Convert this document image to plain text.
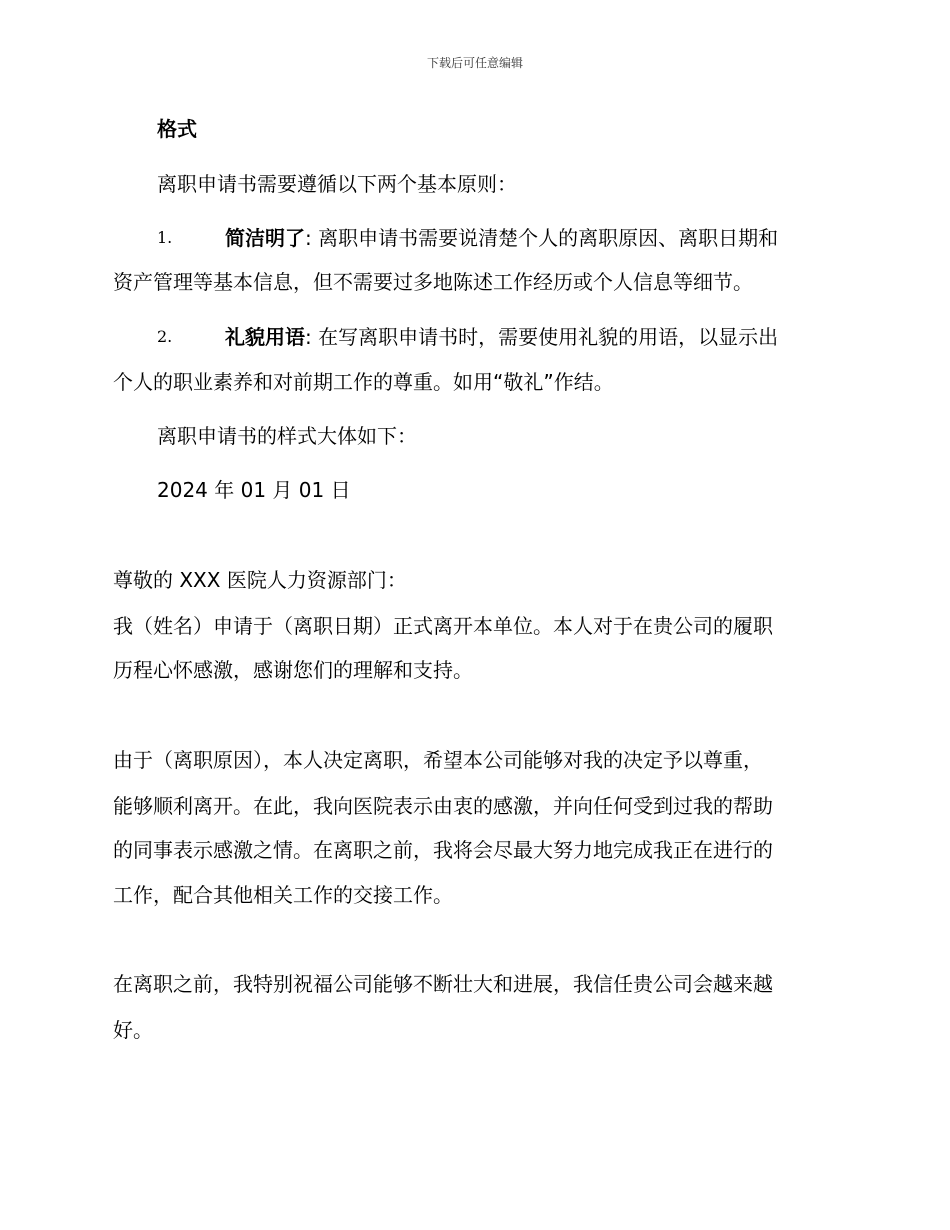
下载后可任意编辑
格式
离职申请书需要遵循以下两个基本原则：
1.	简洁明了: 离职申请书需要说清楚个人的离职原因、离职日期和
资产管理等基本信息，但不需要过多地陈述工作经历或个人信息等细节。
2.	礼貌用语: 在写离职申请书时，需要使用礼貌的用语，以显示出
个人的职业素养和对前期工作的尊重。如用“敬礼”作结。
离职申请书的样式大体如下：
2024 年 01 月 01 日
尊敬的 XXX 医院人力资源部门：
我（姓名）申请于（离职日期）正式离开本单位。本人对于在贵公司的履职
历程心怀感激，感谢您们的理解和支持。
由于（离职原因），本人决定离职，希望本公司能够对我的决定予以尊重，
能够顺利离开。在此，我向医院表示由衷的感激，并向任何受到过我的帮助
的同事表示感激之情。在离职之前，我将会尽最大努力地完成我正在进行的
工作，配合其他相关工作的交接工作。
在离职之前，我特别祝福公司能够不断壮大和进展，我信任贵公司会越来越
好。
